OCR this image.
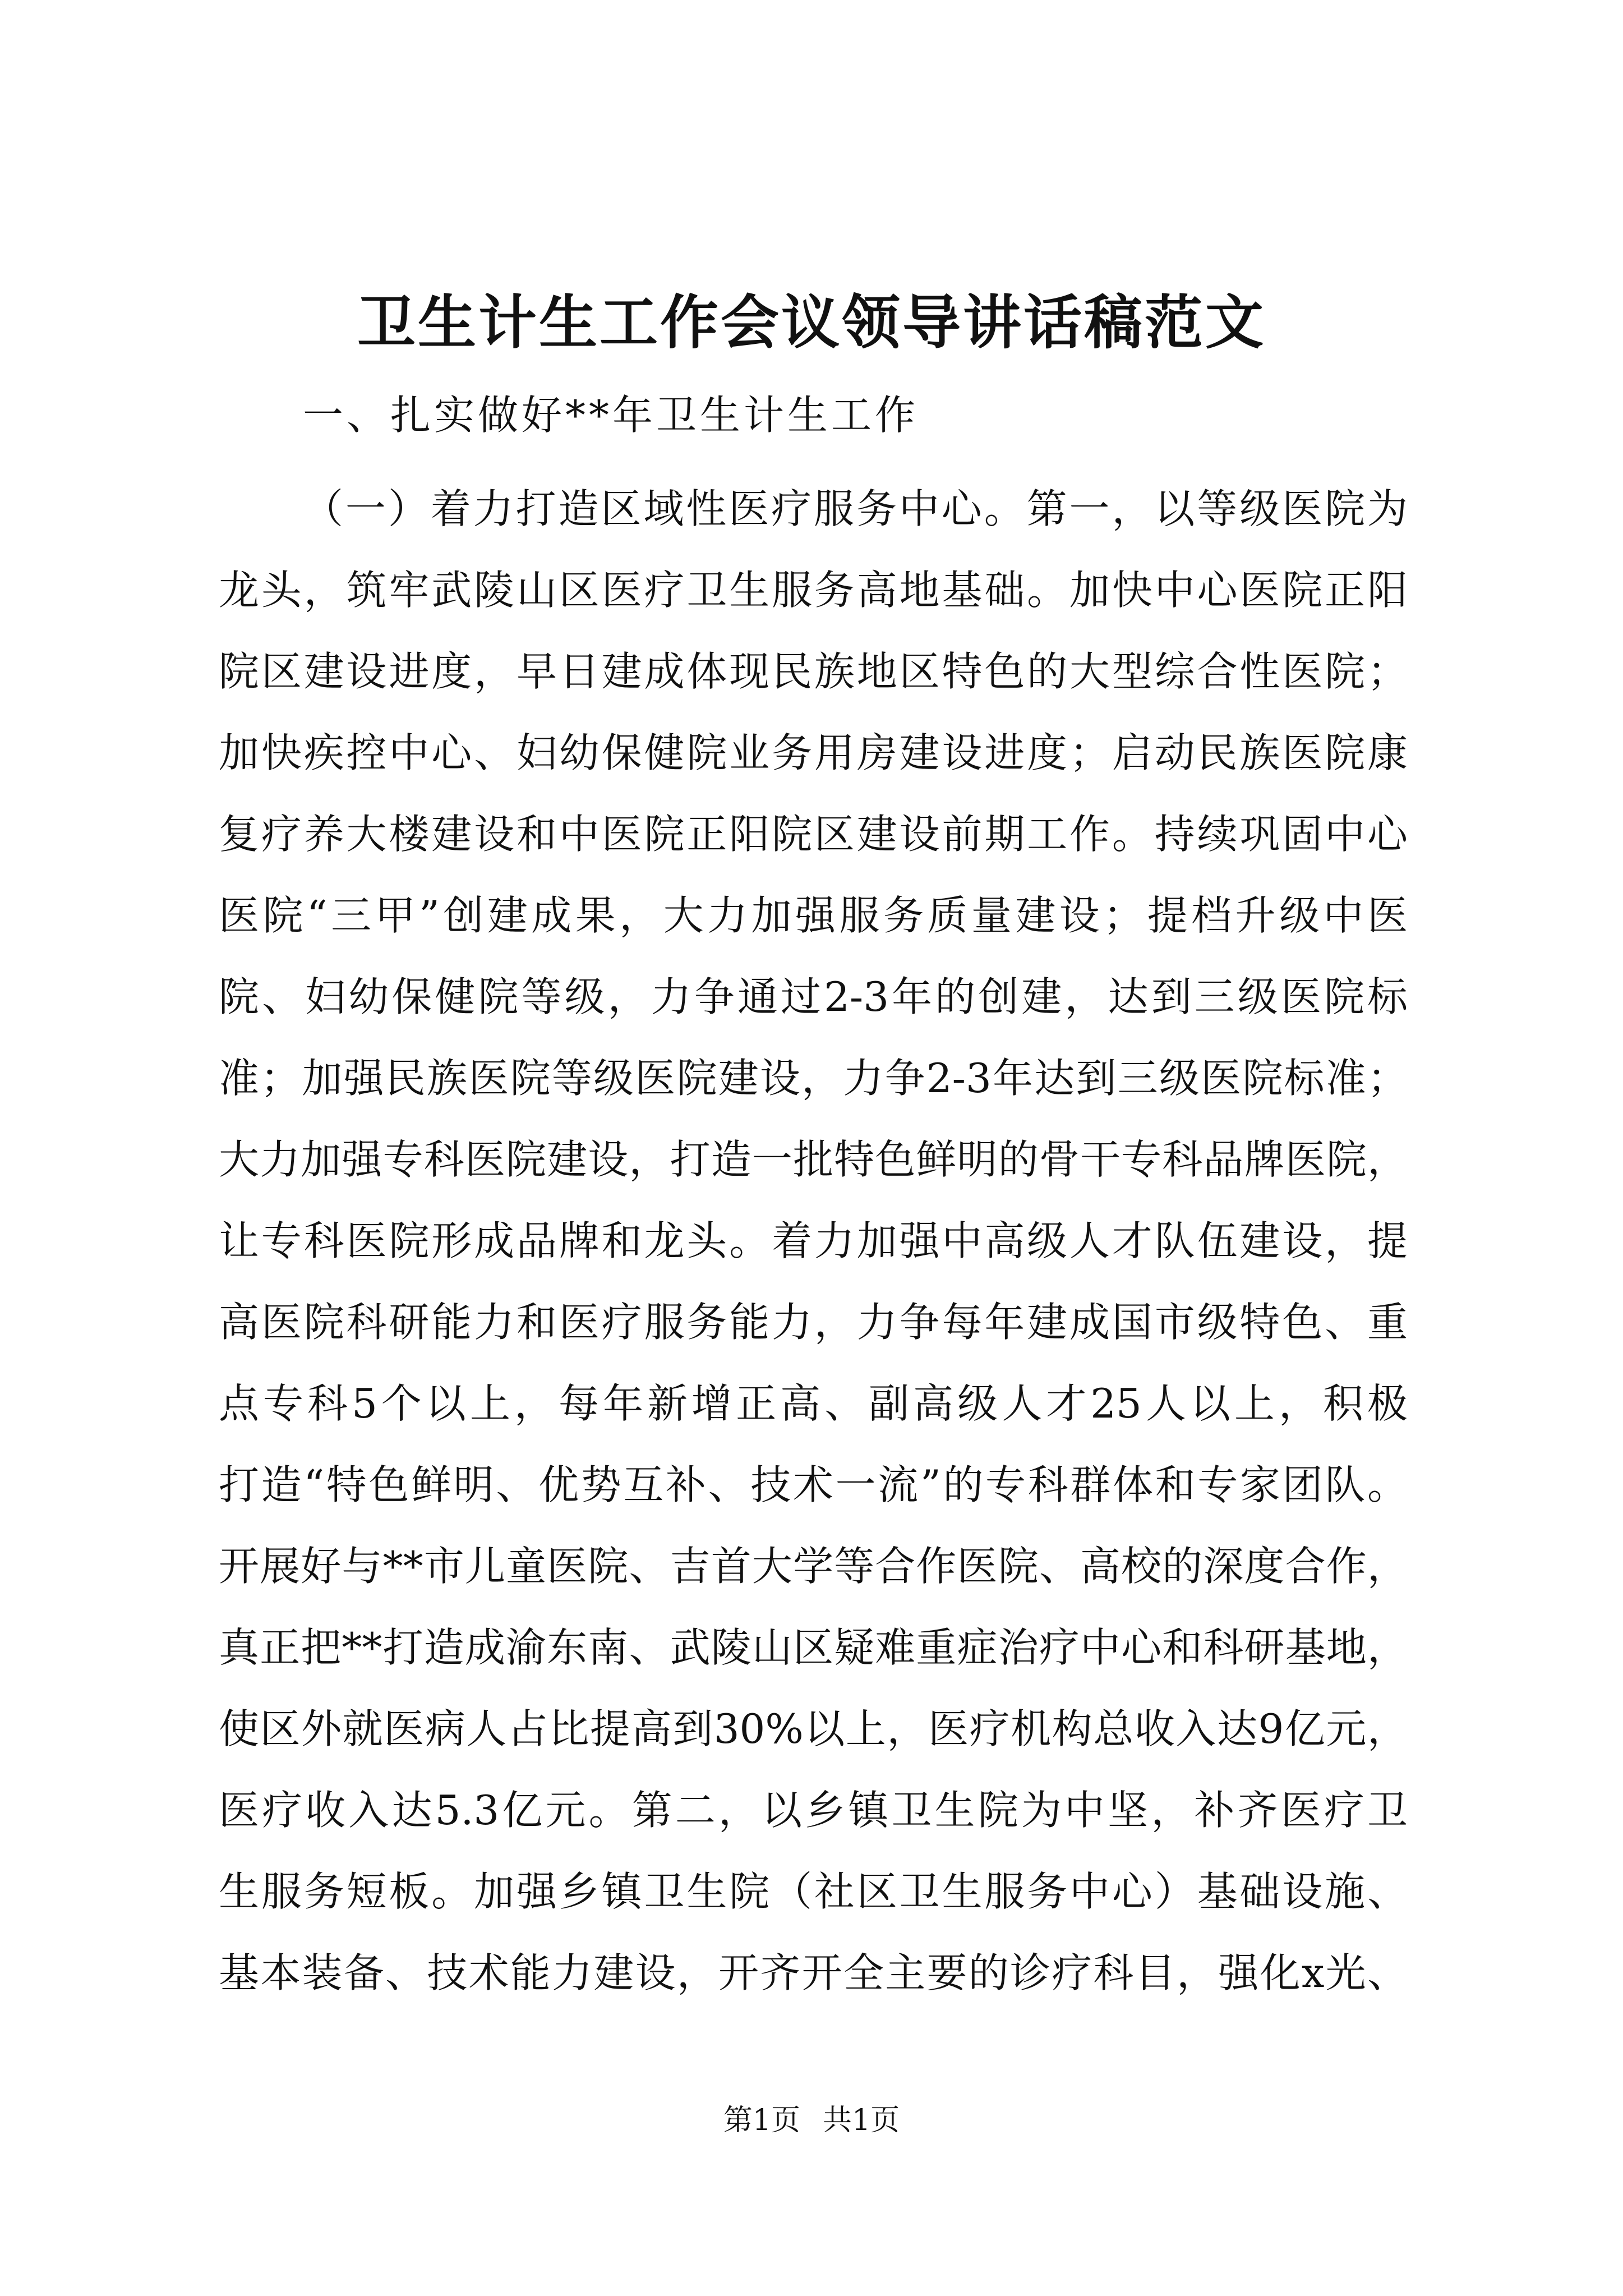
卫生计生工作会议领导讲话稿范文
一、扎实做好**年卫生计生工作
（一）着力打造区域性医疗服务中心。第一，以等级医院为
龙头，筑牢武陵山区医疗卫生服务高地基础。加快中心医院正阳
院区建设进度，早日建成体现民族地区特色的大型综合性医院；
加快疾控中心、妇幼保健院业务用房建设进度；启动民族医院康
复疗养大楼建设和中医院正阳院区建设前期工作。持续巩固中心
医院“三甲”创建成果，大力加强服务质量建设；提档升级中医
院、妇幼保健院等级，力争通过2-3年的创建，达到三级医院标
准；加强民族医院等级医院建设，力争2-3年达到三级医院标准；
大力加强专科医院建设，打造一批特色鲜明的骨干专科品牌医院，
让专科医院形成品牌和龙头。着力加强中高级人才队伍建设，提
高医院科研能力和医疗服务能力，力争每年建成国市级特色、重
点专科5个以上，每年新增正高、副高级人才25人以上，积极
打造“特色鲜明、优势互补、技术一流”的专科群体和专家团队。
开展好与**市儿童医院、吉首大学等合作医院、高校的深度合作，
真正把**打造成渝东南、武陵山区疑难重症治疗中心和科研基地，
使区外就医病人占比提高到30%以上，医疗机构总收入达9亿元，
医疗收入达5.3亿元。第二，以乡镇卫生院为中坚，补齐医疗卫
生服务短板。加强乡镇卫生院（社区卫生服务中心）基础设施、
基本装备、技术能力建设，开齐开全主要的诊疗科目，强化x光、
第1页 共1页
